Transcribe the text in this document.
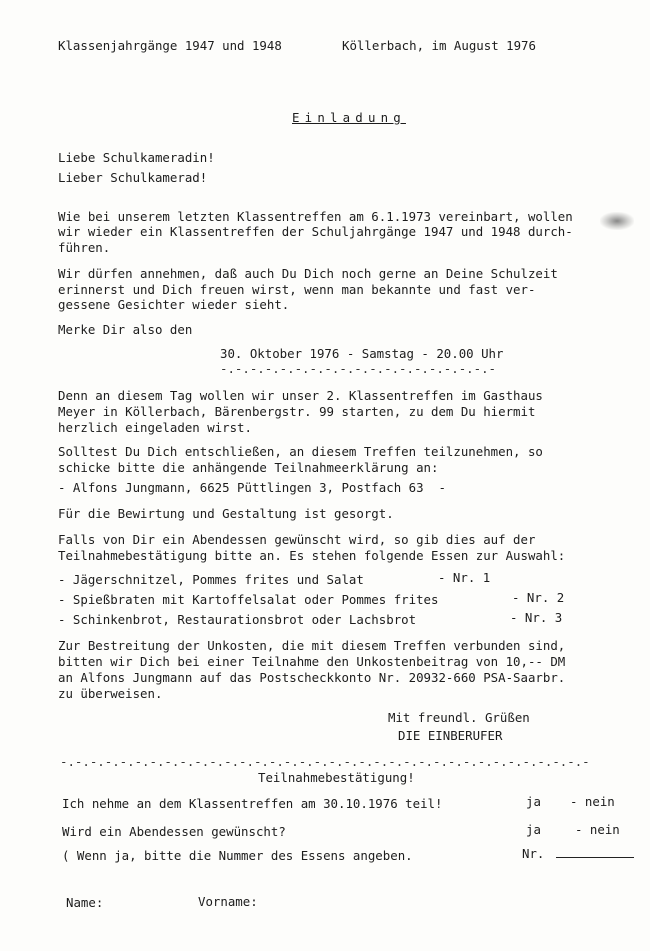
Klassenjahrgänge 1947 und 1948	Köllerbach, im August 1976
Einladung
Liebe Schulkameradin!
Lieber Schulkamerad!
Wie bei unserem letzten Klassentreffen am 6.1.1973 vereinbart, wollen
wir wieder ein Klassentreffen der Schuljahrgänge 1947 und 1948 durch-
führen.
Wir dürfen annehmen, daß auch Du Dich noch gerne an Deine Schulzeit
erinnerst und Dich freuen wirst, wenn man bekannte und fast ver-
gessene Gesichter wieder sieht.
Merke Dir also den
30. Oktober 1976 - Samstag - 20.00 Uhr
-.-.-.-.-.-.-.-.-.-.-.-.-.-.-.-.-.-.-
Denn an diesem Tag wollen wir unser 2. Klassentreffen im Gasthaus
Meyer in Köllerbach, Bärenbergstr. 99 starten, zu dem Du hiermit
herzlich eingeladen wirst.
Solltest Du Dich entschließen, an diesem Treffen teilzunehmen, so
schicke bitte die anhängende Teilnahmeerklärung an:
- Alfons Jungmann, 6625 Püttlingen 3, Postfach 63  -
Für die Bewirtung und Gestaltung ist gesorgt.
Falls von Dir ein Abendessen gewünscht wird, so gib dies auf der
Teilnahmebestätigung bitte an. Es stehen folgende Essen zur Auswahl:
- Jägerschnitzel, Pommes frites und Salat	- Nr. 1
- Spießbraten mit Kartoffelsalat oder Pommes frites	- Nr. 2
- Schinkenbrot, Restaurationsbrot oder Lachsbrot	- Nr. 3
Zur Bestreitung der Unkosten, die mit diesem Treffen verbunden sind,
bitten wir Dich bei einer Teilnahme den Unkostenbeitrag von 10,-- DM
an Alfons Jungmann auf das Postscheckkonto Nr. 20932-660 PSA-Saarbr.
zu überweisen.
Mit freundl. Grüßen
DIE EINBERUFER
-.-.-.-.-.-.-.-.-.-.-.-.-.-.-.-.-.-.-.-.-.-.-.-.-.-.-.-.-.-.-.-.-.-.-.-
Teilnahmebestätigung!
Ich nehme an dem Klassentreffen am 30.10.1976 teil!	ja - nein
Wird ein Abendessen gewünscht?	ja	- nein
( Wenn ja, bitte die Nummer des Essens angeben.	Nr.
Name:	Vorname:
